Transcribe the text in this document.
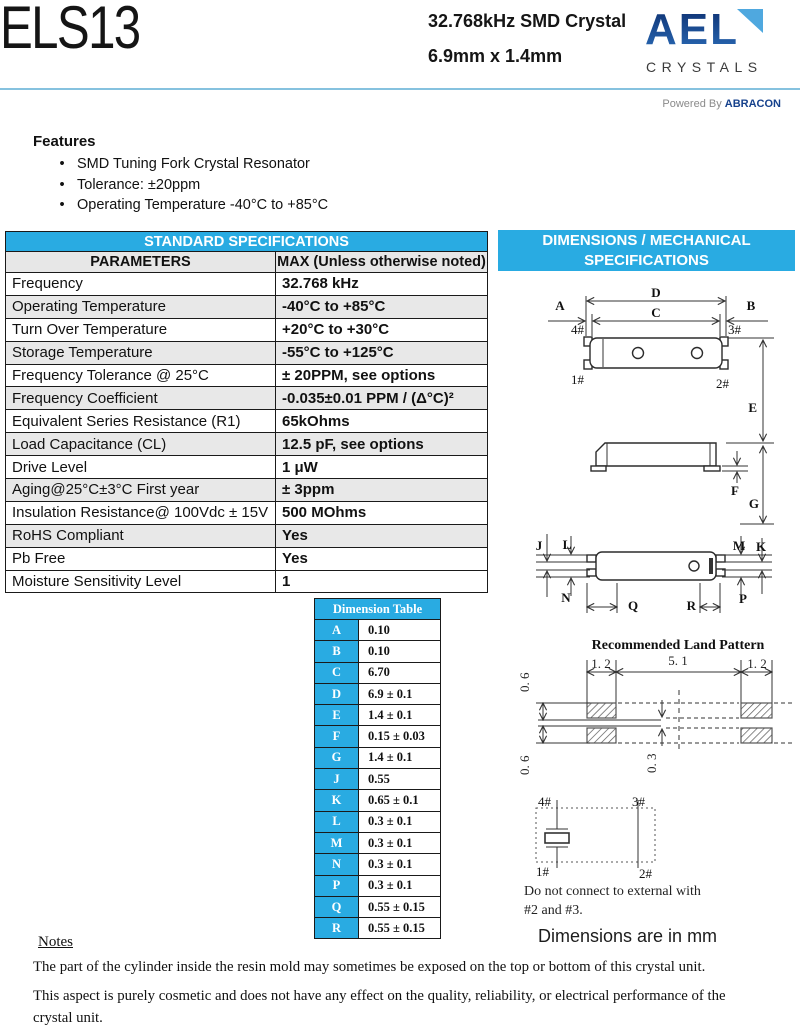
ELS13	32.768kHz SMD Crystal
6.9mm x 1.4mm
AEL
CRYSTALS
Powered By ABRACON
Features
• SMD Tuning Fork Crystal Resonator
• Tolerance: ±20ppm
• Operating Temperature -40°C to +85°C
STANDARD SPECIFICATIONS	
PARAMETERS	MAX (Unless otherwise noted)
Frequency	32.768 kHz
Operating Temperature	-40°C to +85°C
Turn Over Temperature	+20°C to +30°C
Storage Temperature	-55°C to +125°C
Frequency Tolerance @ 25°C	± 20PPM, see options
Frequency Coefficient	-0.035±0.01 PPM / (Δ°C)²
Equivalent Series Resistance (R1)	65kOhms
Load Capacitance (CL)	12.5 pF, see options
Drive Level	1 μW
Aging@25°C±3°C First year	± 3ppm
Insulation Resistance@ 100Vdc ± 15V	500 MOhms
RoHS Compliant	Yes
Pb Free	Yes
Moisture Sensitivity Level	1
Dimension Table	
A	0.10
B	0.10
C	6.70
D	6.9 ± 0.1
E	1.4 ± 0.1
F	0.15 ± 0.03
G	1.4 ± 0.1
J	0.55
K	0.65 ± 0.1
L	0.3 ± 0.1
M	0.3 ± 0.1
N	0.3 ± 0.1
P	0.3 ± 0.1
Q	0.55 ± 0.15
R	0.55 ± 0.15
DIMENSIONS / MECHANICAL
SPECIFICATIONS
D
C
A	B
4#	3#
1#	2#
E
F
G
J L	M K
N	P
Q	R
Recommended Land Pattern
1. 2	5. 1	1. 2
0. 6
0. 6	0. 3
4#	3#
1#	2#
Do not connect to external with
#2 and #3.
Dimensions are in mm
Notes
The part of the cylinder inside the resin mold may sometimes be exposed on the top or bottom of this crystal unit.
This aspect is purely cosmetic and does not have any effect on the quality, reliability, or electrical performance of the crystal unit.
